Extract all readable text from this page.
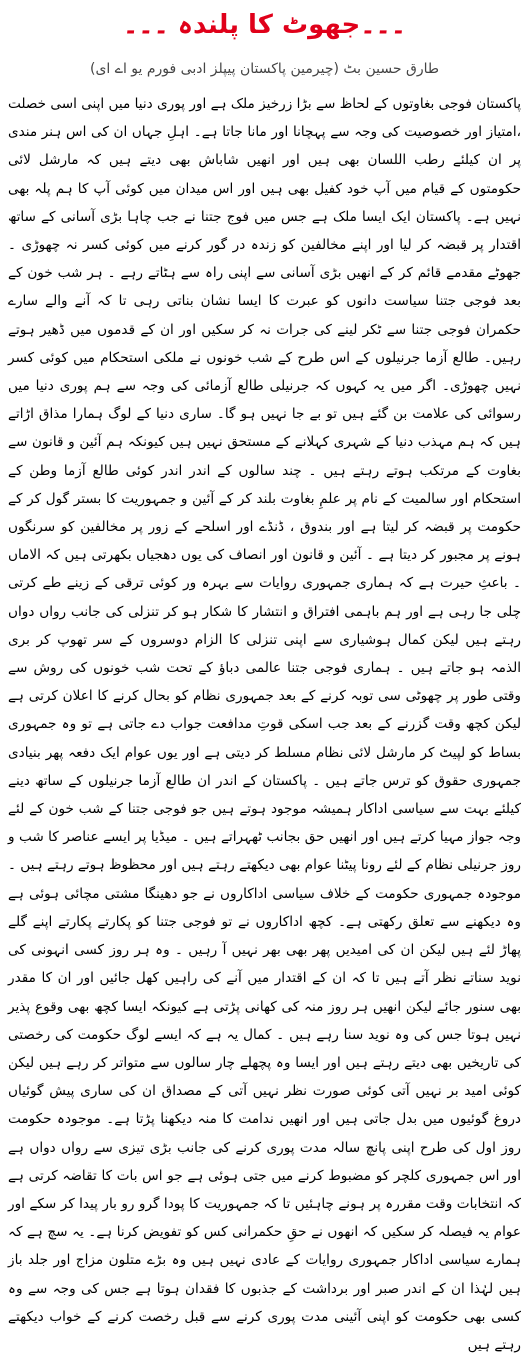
۔۔۔جھوٹ کا پلندہ ۔۔۔
طارق حسین بٹ (چیرمین پاکستان پیپلز ادبی فورم یو اے ای)

پاکستان فوجی بغاوتوں کے لحاظ سے بڑا زرخیز ملک ہے اور پوری دنیا میں اپنی اسی خصلت ،امتیاز اور خصوصیت کی وجہ سے پہچانا اور مانا جاتا ہے۔ اہلِ جہاں ان کی اس ہنر مندی پر ان کیلئے رطب اللسان بھی ہیں اور انھیں شاباش بھی دیتے ہیں کہ مارشل لائی حکومتوں کے قیام میں آپ خود کفیل بھی ہیں اور اس میدان میں کوئی آپ کا ہم پلہ بھی نہیں ہے۔ پاکستان ایک ایسا ملک ہے جس میں فوج جتنا نے جب چاہا بڑی آسانی کے ساتھ اقتدار پر قبضہ کر لیا اور اپنے مخالفین کو زندہ در گور کرنے میں کوئی کسر نہ چھوڑی ۔ جھوٹے مقدمے قائم کر کے انھیں بڑی آسانی سے اپنی راہ سے ہٹاتے رہے ۔ ہر شب خون کے بعد فوجی جتنا سیاست دانوں کو عبرت کا ایسا نشان بناتی رہی تا کہ آنے والے سارے حکمران فوجی جتنا سے ٹکر لینے کی جرات نہ کر سکیں اور ان کے قدموں میں ڈھیر ہوتے رہیں۔ طالع آزما جرنیلوں کے اس طرح کے شب خونوں نے ملکی استحکام میں کوئی کسر نہیں چھوڑی۔ اگر میں یہ کہوں کہ جرنیلی طالع آزمائی کی وجہ سے ہم پوری دنیا میں رسوائی کی علامت بن گئے ہیں تو بے جا نہیں ہو گا۔ ساری دنیا کے لوگ ہمارا مذاق اڑاتے ہیں کہ ہم مہذب دنیا کے شہری کہلانے کے مستحق نہیں ہیں کیونکہ ہم آئین و قانون سے بغاوت کے مرتکب ہوتے رہتے ہیں ۔ چند سالوں کے اندر اندر کوئی طالع آزما وطن کے استحکام اور سالمیت کے نام پر علمِ بغاوت بلند کر کے آئین و جمہوریت کا بستر گول کر کے حکومت پر قبضہ کر لیتا ہے اور بندوق ، ڈنڈے اور اسلحے کے زور پر مخالفین کو سرنگوں ہونے پر مجبور کر دیتا ہے ۔ آئین و قانون اور انصاف کی یوں دھجیاں بکھرتی ہیں کہ الاماں ۔ باعثِ حیرت ہے کہ ہماری جمہوری روایات سے بہرہ ور کوئی ترقی کے زینے طے کرتی چلی جا رہی ہے اور ہم باہمی افتراق و انتشار کا شکار ہو کر تنزلی کی جانب رواں دواں رہتے ہیں لیکن کمال ہوشیاری سے اپنی تنزلی کا الزام دوسروں کے سر تھوپ کر بری الذمہ ہو جاتے ہیں ۔ ہماری فوجی جتنا عالمی دباؤ کے تحت شب خونوں کی روش سے وقتی طور پر چھوٹی سی توبہ کرنے کے بعد جمہوری نظام کو بحال کرنے کا اعلان کرتی ہے لیکن کچھ وقت گزرنے کے بعد جب اسکی قوتِ مدافعت جواب دے جاتی ہے تو وہ جمہوری بساط کو لپیٹ کر مارشل لائی نظام مسلط کر دیتی ہے اور یوں عوام ایک دفعہ پھر بنیادی جمہوری حقوق کو ترس جاتے ہیں ۔ پاکستان کے اندر ان طالع آزما جرنیلوں کے ساتھ دینے کیلئے بہت سے سیاسی اداکار ہمیشہ موجود ہوتے ہیں جو فوجی جتنا کے شب خون کے لئے وجہ جواز مہیا کرتے ہیں اور انھیں حق بجانب ٹھہراتے ہیں ۔ میڈیا پر ایسے عناصر کا شب و روز جرنیلی نظام کے لئے رونا پیٹنا عوام بھی دیکھتے رہتے ہیں اور محظوظ ہوتے رہتے ہیں ۔

موجودہ جمہوری حکومت کے خلاف سیاسی اداکاروں نے جو دھینگا مشتی مچائی ہوئی ہے وہ دیکھنے سے تعلق رکھتی ہے۔ کچھ اداکاروں نے تو فوجی جتنا کو پکارتے پکارتے اپنے گلے پھاڑ لئے ہیں لیکن ان کی امیدیں پھر بھی بھر نہیں آ رہیں ۔ وہ ہر روز کسی انہونی کی نوید سناتے نظر آتے ہیں تا کہ ان کے اقتدار میں آنے کی راہیں کھل جائیں اور ان کا مقدر بھی سنور جائے لیکن انھیں ہر روز منہ کی کھانی پڑتی ہے کیونکہ ایسا کچھ بھی وقوع پذیر نہیں ہوتا جس کی وہ نوید سنا رہے ہیں ۔ کمال یہ ہے کہ ایسے لوگ حکومت کی رخصتی کی تاریخیں بھی دیتے رہتے ہیں اور ایسا وہ پچھلے چار سالوں سے متواتر کر رہے ہیں لیکن کوئی امید بر نہیں آتی کوئی صورت نظر نہیں آتی کے مصداق ان کی ساری پیش گوئیاں دروغ گوئیوں میں بدل جاتی ہیں اور انھیں ندامت کا منہ دیکھنا پڑتا ہے۔ موجودہ حکومت روز اول کی طرح اپنی پانچ سالہ مدت پوری کرنے کی جانب بڑی تیزی سے رواں دواں ہے اور اس جمہوری کلچر کو مضبوط کرنے میں جتی ہوئی ہے جو اس بات کا تقاضہ کرتی ہے کہ انتخابات وقت مقررہ پر ہونے چاہئیں تا کہ جمہوریت کا پودا گرو رو بار پیدا کر سکے اور عوام یہ فیصلہ کر سکیں کہ انھوں نے حقِ حکمرانی کس کو تفویض کرنا ہے۔ یہ سچ ہے کہ ہمارے سیاسی اداکار جمہوری روایات کے عادی نہیں ہیں وہ بڑے متلون مزاج اور جلد باز ہیں لہٰذا ان کے اندر صبر اور برداشت کے جذبوں کا فقدان ہوتا ہے جس کی وجہ سے وہ کسی بھی حکومت کو اپنی آئینی مدت پوری کرنے سے قبل رخصت کرنے کے خواب دیکھتے رہتے ہیں
